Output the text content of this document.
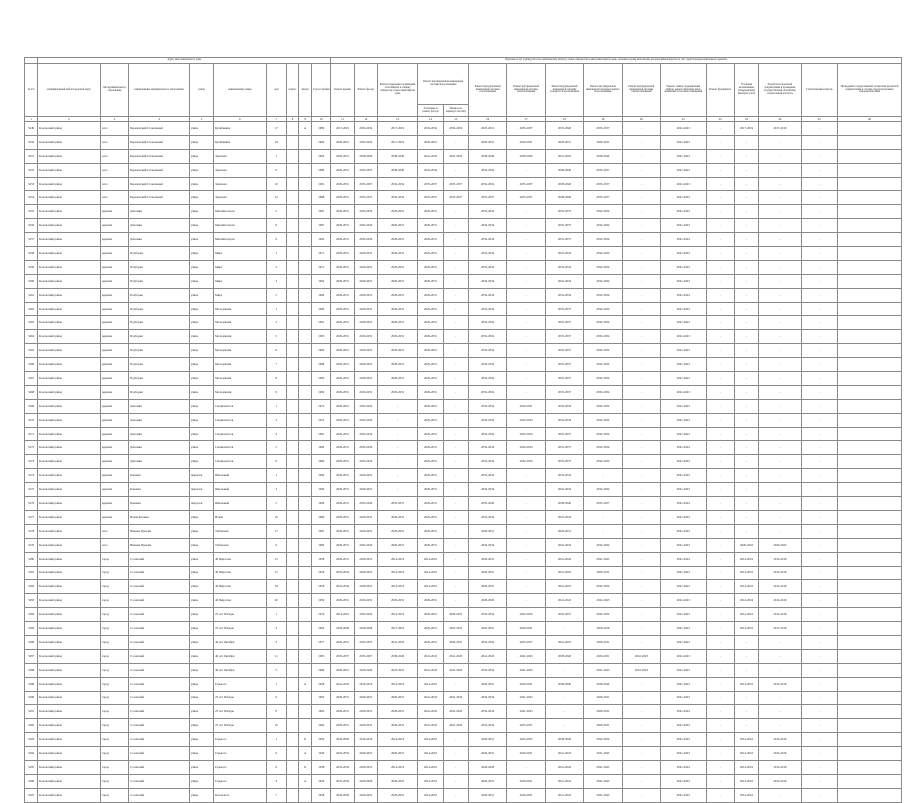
	Адрес многоквартирного дома									Перечень услуг и (или) работ по капитальному ремонту общего имущества в многоквартирном доме, оказание и (или) выполнение которых финансируется за счет средств фонда капитального ремонта															
№ п/п	муниципальный район/городской округ	тип муниципального образования	наименование муниципального образования	улица	наименование улицы	дом	корпус	литера	Год постройки	Ремонт крыши	Ремонт фасада	Ремонт подвальных помещений, относящихся к общему имуществу в многоквартирном доме	Ремонт внутридомовой инженерной системы водоотведения		Ремонт внутридомовой инженерной системы газоснабжения	Ремонт внутридомовой инженерной системы теплоснабжения	Ремонт внутридомовой инженерной системы холодного водоснабжения	Ремонт внутридомовой инженерной системы горячего водоснабжения	Ремонт внутридомовой инженерной системы электроснабжения	Ремонт, замена, модернизация лифтов, ремонт лифтовых шахт, машинных и блочных помещений	Ремонт фундамента	Установка коллективных (общедомовых) приборов учета	Разработка проектной документации и проведение государственной экспертизы, строительный контроль	Строительный контроль	Проведение государственной экспертизы проектной документации в случаях, предусмотренных законодательством
													Утепление и ремонт фасада	Перевод на закрытую систему											
1	2	3	4	5	6	7	8	9	10	11	12	13	14	15	16	17	18	19	20	21	22	23	24	25	26
5249	Козельский район	село	Березичский Стекольный	улица	Кулибакина	17		А	1989	2017-2019	2032-2034	2017-2019	2032-2034	2032-2034	2025-2031	2035-2037	2035-2040	2035-2037	-	2041-2043	-	2017-2019	2017-2019	-	
5250	Козельский район	село	Березичский Стекольный	улица	Кулибакина	18			1962	2029-2031	2032-2034	2017-2019	2029-2031	-	2029-2031	2029-2031	2029-2031	2029-2031	-	2041-2043	-	-	-	-	
5251	Козельский район	село	Березичский Стекольный	улица	Заречная	1			1994	2029-2031	2038-2040	2038-2040	2041-2043	2041-2043	2038-2040	2038-2040	2041-2043	2038-2040	-	2041-2043	-	-	-	-	
5252	Козельский район	село	Березичский Стекольный	улица	Заречная	9			1989	2029-2031	2035-2037	2038-2040	2032-2034	-	2032-2034	-	2038-2040	2035-2037	-	2041-2043	-	-	-	-	
5253	Козельский район	село	Березичский Стекольный	улица	Заречная	10			1981	2029-2031	2035-2037	2032-2034	2035-2037	2035-2037	2032-2034	2035-2037	2038-2040	2035-2037	-	2041-2043	-	-	-	-	
5254	Козельский район	село	Березичский Стекольный	улица	Заречная	12			1988	2029-2031	2035-2037	2032-2034	2035-2037	2035-2037	2035-2037	2035-2037	2038-2040	2035-2037	-	2041-2043	-	-	-	-	
5255	Козельский район	деревня	Дешовки	улица	Механизаторов	5			1981	2029-2031	2032-2034	2029-2031	2029-2031	-	2032-2034	-	2035-2037	2032-2034	-	2041-2043	-	-	-	-	
5256	Козельский район	деревня	Дешовки	улица	Механизаторов	8			1987	2029-2031	2032-2034	2029-2031	2029-2031	-	2032-2034	-	2035-2037	2032-2034	-	2041-2043	-	-	-	-	
5257	Козельский район	деревня	Дешовки	улица	Механизаторов	9			1992	2029-2031	2032-2034	2029-2031	2029-2031	-	2032-2034	-	2035-2037	2032-2034	-	2041-2043	-	-	-	-	
5258	Козельский район	деревня	Подборки	улица	Мира	1			1971	2029-2031	2029-2031	2029-2031	2029-2031	-	2032-2034	-	2032-2034	2032-2034	-	2041-2043	-	-	-	-	
5259	Козельский район	деревня	Подборки	улица	Мира	2			1971	2029-2031	2029-2031	2029-2031	2029-2031	-	2032-2034	-	2032-2034	2032-2034	-	2041-2043	-	-	-	-	
5260	Козельский район	деревня	Подборки	улица	Мира	3			1962	2029-2031	2029-2031	2029-2031	2029-2031	-	2032-2034	-	2032-2034	2032-2034	-	2041-2043	-	-	-	-	
5261	Козельский район	деревня	Подборки	улица	Мира	5			1969	2029-2031	2029-2031	2029-2031	2029-2031	-	2032-2034	-	2032-2034	2032-2034	-	2041-2043	-	-	-	-	
5262	Козельский район	деревня	Подборки	улица	Молодежная	1			1999	2029-2031	2029-2031	2029-2031	2029-2031	-	2032-2034	-	2035-2037	2032-2034	-	2041-2043	-	-	-	-	
5263	Козельский район	деревня	Подборки	улица	Молодежная	2			1991	2029-2031	2029-2031	2029-2031	2029-2031	-	2032-2034	-	2035-2037	2032-2034	-	2041-2043	-	-	-	-	
5264	Козельский район	деревня	Подборки	улица	Молодежная	5			1993	2029-2031	2029-2031	2029-2031	2029-2031	-	2032-2034	-	2035-2037	2032-2034	-	2041-2043	-	-	-	-	
5265	Козельский район	деревня	Подборки	улица	Молодежная	6			1993	2029-2031	2029-2031	2029-2031	2029-2031	-	2032-2034	-	2035-2037	2032-2034	-	2041-2043	-	-	-	-	
5266	Козельский район	деревня	Подборки	улица	Молодежная	7			1988	2029-2031	2029-2031	2029-2031	2029-2031	-	2032-2034	-	2035-2037	2032-2034	-	2041-2043	-	-	-	-	
5267	Козельский район	деревня	Подборки	улица	Молодежная	8			1985	2029-2031	2029-2031	2029-2031	2029-2031	-	2032-2034	-	2035-2037	2032-2034	-	2041-2043	-	-	-	-	
5268	Козельский район	деревня	Подборки	улица	Молодежная	9			1984	2029-2031	2029-2031	2029-2031	2029-2031	-	2032-2034	-	2035-2037	2032-2034	-	2041-2043	-	-	-	-	
5269	Козельский район	деревня	Дешовки	улица	Специалистов	1			1973	2029-2031	2032-2034	-	2029-2031	-	2032-2034	2029-2031	2032-2034	2032-2034	-	2041-2043	-	-	-	-	
5270	Козельский район	деревня	Дешовки	улица	Специалистов	2			1972	2029-2031	2032-2034	-	2029-2031	-	2032-2034	2032-2034	2032-2034	2032-2034	-	2041-2043	-	-	-	-	
5271	Козельский район	деревня	Дешовки	улица	Специалистов	4			1981	2029-2031	2032-2034	-	2029-2031	-	2032-2034	2032-2034	2035-2037	2032-2034	-	2041-2043	-	-	-	-	
5272	Козельский район	деревня	Дешовки	улица	Специалистов	5			1984	2029-2031	2032-2034	-	2029-2031	-	2032-2034	2032-2034	2035-2037	2032-2034	-	2041-2043	-	-	-	-	
5273	Козельский район	деревня	Дешовки	улица	Специалистов	6			1984	2029-2031	2032-2034	-	2029-2031	-	2032-2034	2032-2034	2035-2037	2032-2034	-	2041-2043	-	-	-	-	
5274	Козельский район	деревня	Коненка	переулок	Школьный	1			1990	2029-2031	2029-2031	-	2029-2031	-	2032-2034	-	2032-2034	-	-	2041-2043	-	-	-	-	
5275	Козельский район	деревня	Коненка	переулок	Школьный	3			1999	2029-2031	2029-2031	-	2029-2031	-	2032-2034	-	2032-2034	2032-2034	-	2041-2043	-	-	-	-	
5276	Козельский район	деревня	Коненка	переулок	Школьный	5			1966	2029-2031	2035-2040	2035-2037	2029-2031	-	2035-2040	-	2038-2040	2035-2037	-	2041-2043	-	-	-	-	
5277	Козельский район	деревня	Новая Казанка	улица	Новая	16			1989	2029-2031	2029-2031	2029-2031	2029-2031	-	2032-2034	-	2032-2034	-	-	2041-2043	-	-	-	-	
5278	Козельский район	село	Нижнее Прыски	улица	Урбанская	17			1981	2029-2031	2029-2031	2029-2031	2029-2031	-	2029-2031	-	2029-2031	-	-	2041-2043	-	-	-	-	
5279	Козельский район	село	Нижнее Прыски	улица	Урбанская	9			1984	2029-2031	2032-2034	2029-2031	2029-2031	-	2032-2034	-	2032-2034	2032-2034	-	2041-2043	-	2020-2022	2020-2022	-	
5280	Козельский район	город	Сосенский	улица	40 Пирогова	15			1958	2029-2031	2029-2031	2014-2016	2014-2016	-	2029-2031	-	2041-2043	2041-2043	-	2041-2043	-	2014-2016	2014-2016	-	
5281	Козельский район	город	Сосенский	улица	40 Пирогова	17			1958	2032-2034	2029-2031	2014-2016	2014-2016	-	2029-2031	-	2041-2043	2029-2031	-	2041-2043	-	2014-2016	2014-2016	-	
5282	Козельский район	город	Сосенский	улица	40 Пирогова	18			1958	2032-2034	2029-2031	2014-2016	2014-2016	-	2029-2031	-	2041-2043	2032-2034	-	2041-2043	-	2014-2016	2014-2016	-	
5283	Козельский район	город	Сосенский	улица	40 Пирогова	20			1959	2029-2031	2029-2031	2029-2031	2029-2031	-	2029-2029	-	2041-2043	2041-2043	-	2041-2043	-	2014-2016	2014-2016	-	
5284	Козельский район	город	Сосенский	улица	25 лет Победы	1			1976	2014-2016	2032-2034	2014-2016	2029-2031	2029-2031	2032-2034	2032-2034	2035-2037	2032-2034	-	2041-2043	-	2014-2016	2014-2016	-	
5285	Козельский район	город	Сосенский	улица	25 лет Победы	4			1964	2026-2028	2026-2028	2017-2019	2029-2031	2025-2031	2025-2031	2026-2031	-	2026-2028	-	2041-2043	-	2014-2016	2017-2019	-	
5286	Козельский район	город	Сосенский	улица	40 лет Октября	3			1977	2029-2031	2035-2037	2041-2043	2029-2031	2029-2031	2032-2034	2035-2037	2041-2043	2029-2031	-	2041-2043	-	-	-	-	
5287	Козельский район	город	Сосенский	улица	40 лет Октября	11			1985	2035-2037	2035-2037	2038-2040	2041-2043	2041-2043	2041-2043	2041-2043	2038-2040	2029-2031	2022-2023	2041-2043	-	-	-	-	
5288	Козельский район	город	Сосенский	улица	40 лет Октября	5			1986	2029-2031	2026-2029	2023-2025	2041-2043	2041-2043	2032-2034	2041-2043	-	2041-2043	2022-2023	2041-2043	-	-	-	-	
5289	Козельский район	город	Сосенский	улица	Горького	1		А	1928	2041-2043	2014-2016	2014-2016	2014-2016	-	2029-2031	2029-2031	2038-2040	2038-2040	-	2041-2043	-	2014-2016	2014-2016	-	
5290	Козельский район	город	Сосенский	улица	25 лет Победы	6			1963	2029-2031	2029-2031	2029-2031	2041-2043	2041-2043	2032-2034	2041-2043	-	2029-2031	-	2041-2043	-	-	-	-	
5291	Козельский район	город	Сосенский	улица	25 лет Победы	8			1963	2029-2031	2029-2031	2029-2031	2041-2043	2041-2043	2032-2034	2041-2043	-	2029-2031	-	2041-2043	-	-	-	-	
5292	Козельский район	город	Сосенский	улица	25 лет Победы	10			1964	2029-2031	2029-2031	2029-2031	2041-2043	2041-2043	2032-2034	2035-2037	-	2029-2031	-	2041-2043	-	-	-	-	
5293	Козельский район	город	Сосенский	улица	Горького	1		Б	1959	2026-2040	2014-2016	2014-2016	2014-2016	-	2029-2031	2025-2035	2038-2040	2032-2034	-	2041-2043	-	2014-2016	2014-2016	-	
5294	Козельский район	город	Сосенский	улица	Горького	6		А	1929	2032-2034	2029-2031	2029-2031	2014-2016	-	2029-2031	2029-2031	2041-2043	2041-2043	-	2041-2043	-	2014-2016	2014-2016	-	
5295	Козельский район	город	Сосенский	улица	Горького	6		Б	1938	2032-2034	2029-2031	2014-2016	2014-2016	-	2026-2028	-	2041-2043	2041-2043	-	2041-2043	-	2014-2016	2014-2016	-	
5296	Козельский район	город	Сосенский	улица	Горького	4		А	1929	2032-2034	2029-2029	2029-2022	2014-2016	-	2029-2031	2029-2031	2041-2043	2041-2043	-	2041-2043	-	2014-2016	2014-2016	-	
5297	Козельский район	город	Сосенский	улица	Котовского	7			1958	2026-2028	2029-2031	2029-2031	2014-2016	-	2029-2031	2029-2031	2041-2043	2041-2043	-	2041-2043	-	2014-2016	-	-	
